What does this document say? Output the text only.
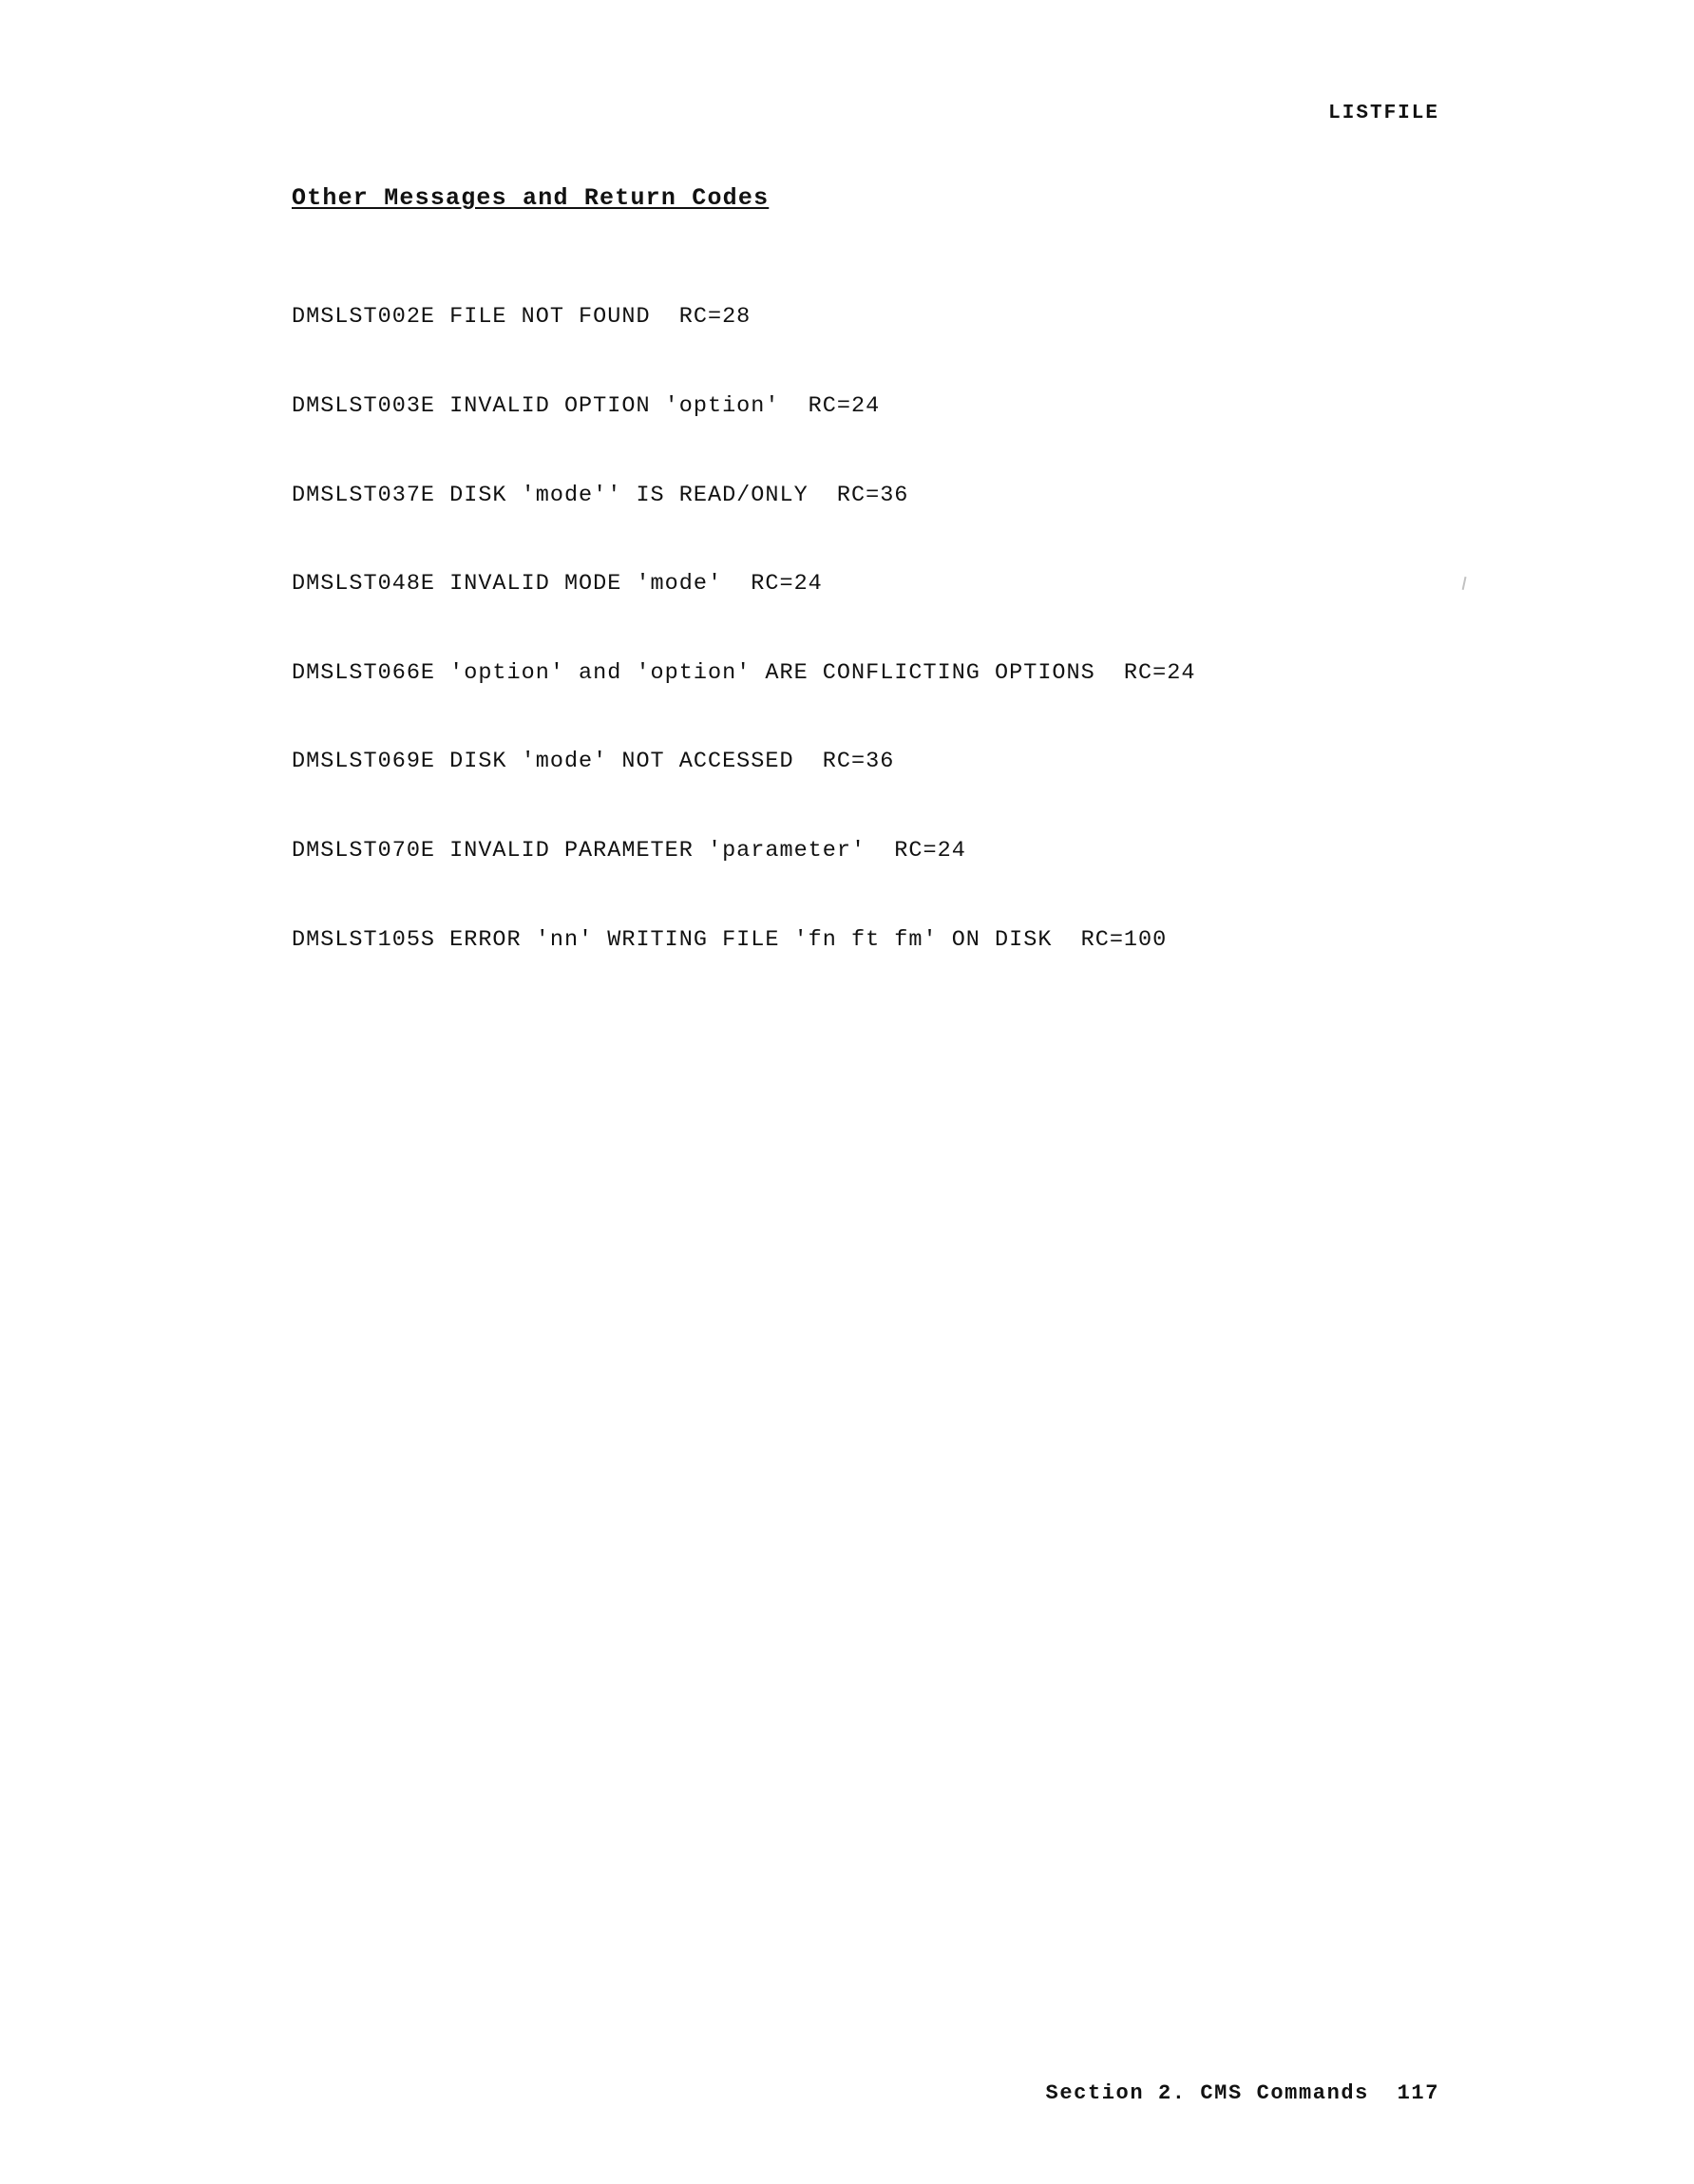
LISTFILE
Other Messages and Return Codes

DMSLST002E FILE NOT FOUND  RC=28

DMSLST003E INVALID OPTION 'option'  RC=24

DMSLST037E DISK 'mode'' IS READ/ONLY  RC=36

DMSLST048E INVALID MODE 'mode'  RC=24

DMSLST066E 'option' and 'option' ARE CONFLICTING OPTIONS  RC=24

DMSLST069E DISK 'mode' NOT ACCESSED  RC=36

DMSLST070E INVALID PARAMETER 'parameter'  RC=24

DMSLST105S ERROR 'nn' WRITING FILE 'fn ft fm' ON DISK  RC=100

Section 2. CMS Commands  117
